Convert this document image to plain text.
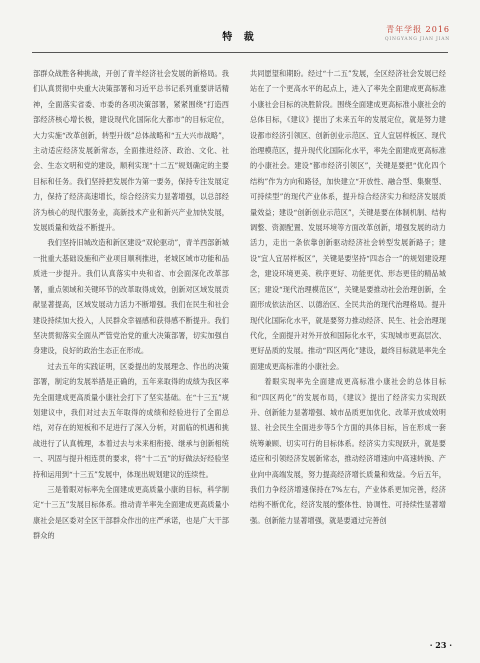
特 裁
青年学报 2016
QINGYANG JIAN JIAN

部群众战胜各种挑战，开创了青羊经济社会发展的新格局。我们认真贯彻中央重大决策部署和习近平总书记系列重要讲话精神，全面落实省委、市委的各项决策部署，紧紧围绕“打造西部经济核心增长极，建设现代化国际化大都市”的目标定位，大力实施“改革创新，转型升级”总体战略和“五大兴市战略”，主动适应经济发展新常态，全面推进经济、政治、文化、社会、生态文明和党的建设，顺利实现“十二五”规划确定的主要目标和任务。我们坚持把发展作为第一要务，保持专注发展定力，保持了经济高速增长，综合经济实力显著增强，以总部经济为核心的现代服务业，高新技术产业和新兴产业加快发展，发展质量和效益不断提升。

我们坚持旧城改造和新区建设“双轮驱动”，青羊西部新城一批重大基础设施和产业项目顺利推进，老城区域市功能和品质进一步提升。我们认真落实中央和省、市会面深化改革部署，重点领域和关键环节的改革取得成效，创新对区域发展贡献显著提高，区域发展动力活力不断增强。我们在民生和社会建设持续加大投入，人民群众幸福感和获得感不断提升。我们坚决贯彻落实全面从严管党治党的重大决策部署，切实加强自身建设，良好的政治生态正在形成。

过去五年的实践证明，区委提出的发展理念、作出的决策部署，制定的发展举措是正确的，五年来取得的成绩为我区率先全面建成更高质量小康社会打下了坚实基础。在“十三五”规划建议中，我们对过去五年取得的成绩和经验进行了全面总结，对存在的短板和不足进行了深入分析，对面临的机遇和挑战进行了认真梳理，本着过去与未来相衔接、继承与创新相统一、巩固与提升相连贯的要求，将“十二五”的好做法好经验坚持和运用到“十三五”发展中，体现出规划建议的连续性。

三是着眼对标率先全面建成更高质量小康的目标，科学制定“十三五”发展目标体系。推动青羊率先全面建成更高质量小康社会是区委对全区干部群众作出的庄严承诺，也是广大干部群众的

共同愿望和期盼。经过“十二五”发展，全区经济社会发展已经站在了一个更高水平的起点上，进入了率先全面建成更高标准小康社会目标的决胜阶段。围绕全面建成更高标准小康社会的总体目标，《建议》提出了未来五年的发展定位，就是努力建设都市经济引领区、创新创业示范区、宜人宜居样板区、现代治理模范区，提升现代化国际化水平，率先全面建成更高标准的小康社会。建设“都市经济引领区”，关键是要把“优化四个结构”作为方向和路径，加快建立“开放性、融合型、集聚型、可持续型”的现代产业体系，提升综合经济实力和经济发展质量效益；建设“创新创业示范区”，关键是要在体制机制、结构调整、资源配置、发展环境等方面改革创新，增强发展的动力活力，走出一条依靠创新驱动经济社会转型发展新路子；建设“宜人宜居样板区”，关键是要坚持“四态合一”的规划建设理念，建设环境更美、秩序更好、功能更优、形态更佳的精品城区；建设“现代治理模范区”，关键是要推动社会治理创新，全面形成依法治区、以德治区、全民共治的现代治理格局。提升现代化国际化水平，就是要努力推动经济、民生、社会治理现代化，全面提升对外开放和国际化水平，实现城市更高层次、更好品质的发展。推动“四区两化”建设，最终目标就是率先全面建成更高标准的小康社会。

着眼实现率先全面建成更高标准小康社会的总体目标和“四区两化”的发展布局，《建议》提出了经济实力实现跃升、创新能力显著增强、城市品质更加优化、改革开放成效明显、社会民生全面进步等5个方面的具体目标，旨在形成一套统筹兼顾、切实可行的目标体系。经济实力实现跃升，就是要适应和引领经济发展新常态，推动经济增速向中高速转换、产业向中高端发展，努力提高经济增长质量和效益。今后五年，我们力争经济增速保持在7%左右，产业体系更加完善，经济结构不断优化，经济发展的整体性、协调性、可持续性显著增强。创新能力显著增强，就是要通过完善创

· 23 ·
